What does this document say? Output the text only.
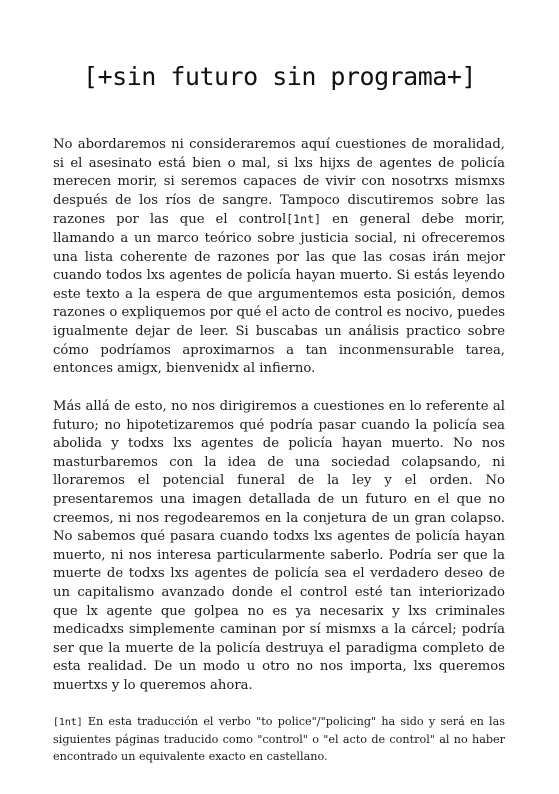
[+sin futuro sin programa+]

No abordaremos ni consideraremos aquí cuestiones de moralidad, si el asesinato está bien o mal, si lxs hijxs de agentes de policía merecen morir, si seremos capaces de vivir con nosotrxs mismxs después de los ríos de sangre. Tampoco discutiremos sobre las razones por las que el control[1nt] en general debe morir, llamando a un marco teórico sobre justicia social, ni ofreceremos una lista coherente de razones por las que las cosas irán mejor cuando todos lxs agentes de policía hayan muerto. Si estás leyendo este texto a la espera de que argumentemos esta posición, demos razones o expliquemos por qué el acto de control es nocivo, puedes igualmente dejar de leer. Si buscabas un análisis practico sobre cómo podríamos aproximarnos a tan inconmensurable tarea, entonces amigx, bienvenidx al infierno.

Más allá de esto, no nos dirigiremos a cuestiones en lo referente al futuro; no hipotetizaremos qué podría pasar cuando la policía sea abolida y todxs lxs agentes de policía hayan muerto. No nos masturbaremos con la idea de una sociedad colapsando, ni lloraremos el potencial funeral de la ley y el orden. No presentaremos una imagen detallada de un futuro en el que no creemos, ni nos regodearemos en la conjetura de un gran colapso. No sabemos qué pasara cuando todxs lxs agentes de policía hayan muerto, ni nos interesa particularmente saberlo. Podría ser que la muerte de todxs lxs agentes de policía sea el verdadero deseo de un capitalismo avanzado donde el control esté tan interiorizado que lx agente que golpea no es ya necesarix y lxs criminales medicadxs simplemente caminan por sí mismxs a la cárcel; podría ser que la muerte de la policía destruya el paradigma completo de esta realidad. De un modo u otro no nos importa, lxs queremos muertxs y lo queremos ahora.

[1nt] En esta traducción el verbo "to police"/"policing" ha sido y será en las siguientes páginas traducido como "control" o "el acto de control" al no haber encontrado un equivalente exacto en castellano.
